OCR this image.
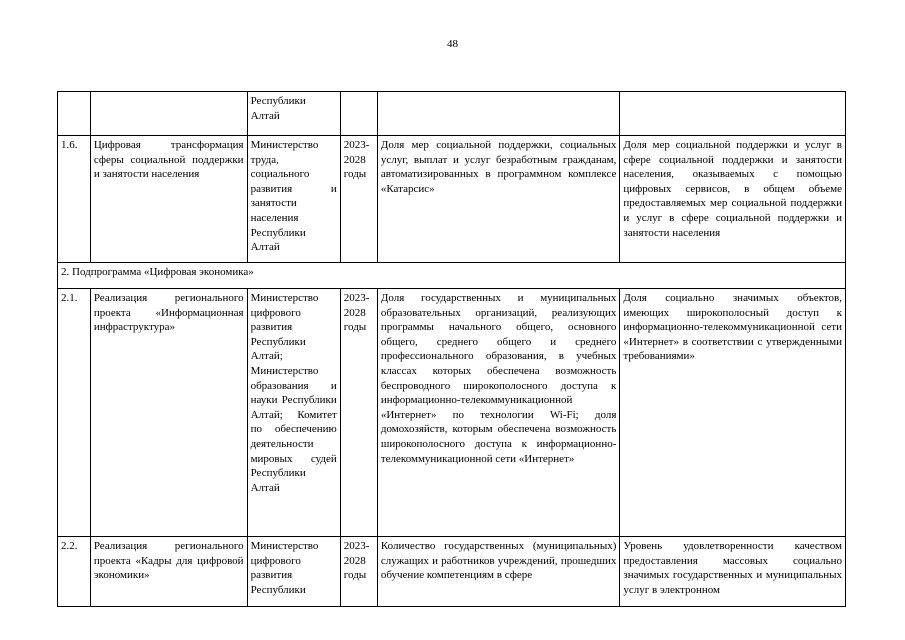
48
		Республики Алтай			
1.6.	Цифровая трансформация сферы социальной поддержки и занятости населения	Министерство труда, социального развития и занятости населения Республики Алтай	2023-2028 годы	Доля мер социальной поддержки, социальных услуг, выплат и услуг безработным гражданам, автоматизированных в программном комплексе «Катарсис»	Доля мер социальной поддержки и услуг в сфере социальной поддержки и занятости населения, оказываемых с помощью цифровых сервисов, в общем объеме предоставляемых мер социальной поддержки и услуг в сфере социальной поддержки и занятости населения
2. Подпрограмма «Цифровая экономика»					
2.1.	Реализация регионального проекта «Информационная инфраструктура»	Министерство цифрового развития Республики Алтай; Министерство образования и науки Республики Алтай; Комитет по обеспечению деятельности мировых судей Республики Алтай	2023-2028 годы	Доля государственных и муниципальных образовательных организаций, реализующих программы начального общего, основного общего, среднего общего и среднего профессионального образования, в учебных классах которых обеспечена возможность беспроводного широкополосного доступа к информационно-телекоммуникационной «Интернет» по технологии Wi-Fi; доля домохозяйств, которым обеспечена возможность широкополосного доступа к информационно-телекоммуникационной сети «Интернет»	Доля социально значимых объектов, имеющих широкополосный доступ к информационно-телекоммуникационной сети «Интернет» в соответствии с утвержденными требованиями»
2.2.	Реализация регионального проекта «Кадры для цифровой экономики»	Министерство цифрового развития Республики	2023-2028 годы	Количество государственных (муниципальных) служащих и работников учреждений, прошедших обучение компетенциям в сфере	Уровень удовлетворенности качеством предоставления массовых социально значимых государственных и муниципальных услуг в электронном
